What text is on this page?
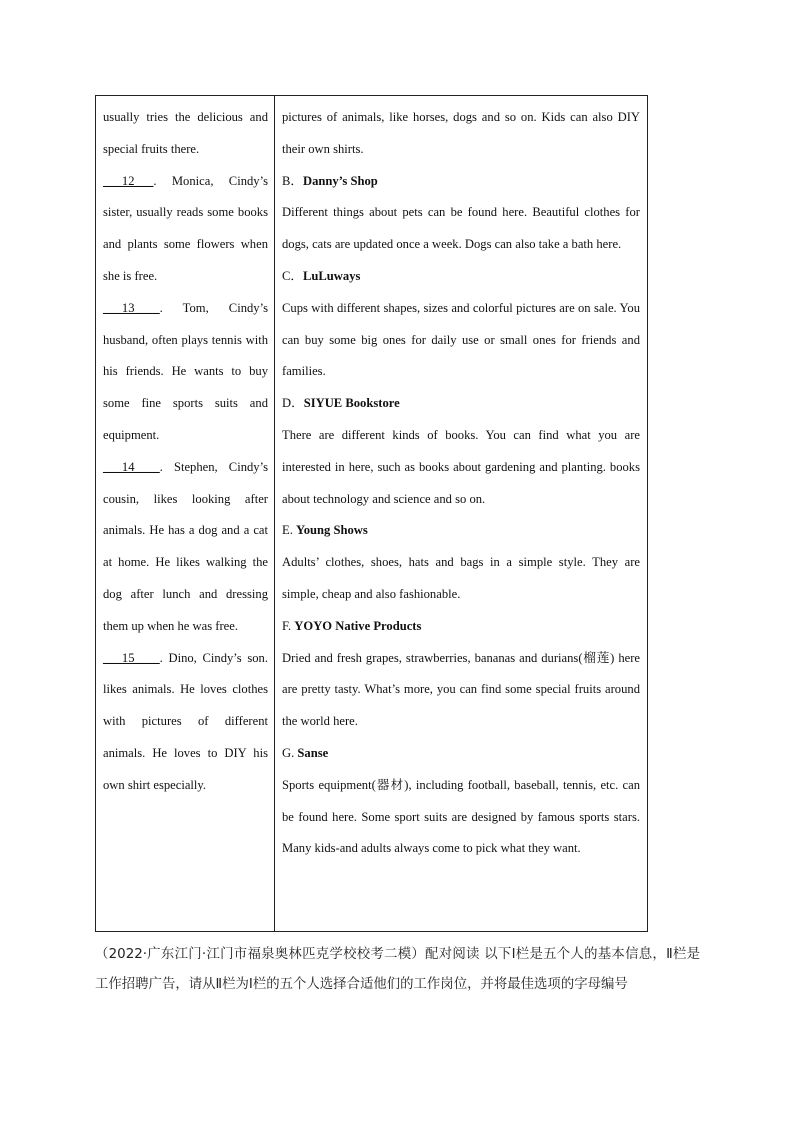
usually tries the delicious and special fruits there.

___12___. Monica, Cindy’s sister, usually reads some books and plants some flowers when she is free.

___13____. Tom, Cindy’s husband, often plays tennis with his friends. He wants to buy some fine sports suits and equipment.

___14____. Stephen, Cindy’s cousin, likes looking after animals. He has a dog and a cat at home. He likes walking the dog after lunch and dressing them up when he was free.

___15____. Dino, Cindy’s son. likes animals. He loves clothes with pictures of different animals. He loves to DIY his own shirt especially.

pictures of animals, like horses, dogs and so on. Kids can also DIY their own shirts.

B．Danny’s Shop

Different things about pets can be found here. Beautiful clothes for dogs, cats are updated once a week. Dogs can also take a bath here.

C．LuLuways

Cups with different shapes, sizes and colorful pictures are on sale. You can buy some big ones for daily use or small ones for friends and families.

D．SIYUE Bookstore

There are different kinds of books. You can find what you are interested in here, such as books about gardening and planting. books about technology and science and so on.

E. Young Shows

Adults’ clothes, shoes, hats and bags in a simple style. They are simple, cheap and also fashionable.

F. YOYO Native Products

Dried and fresh grapes, strawberries, bananas and durians(榴莲) here are pretty tasty. What’s more, you can find some special fruits around the world here.

G. Sanse

Sports equipment(器材), including football, baseball, tennis, etc. can be found here. Some sport suits are designed by famous sports stars. Many kids-and adults always come to pick what they want.

（2022·广东江门·江门市福泉奥林匹克学校校考二模）配对阅读 以下Ⅰ栏是五个人的基本信息，Ⅱ栏是工作招聘广告，请从Ⅱ栏为Ⅰ栏的五个人选择合适他们的工作岗位，并将最佳选项的字母编号
